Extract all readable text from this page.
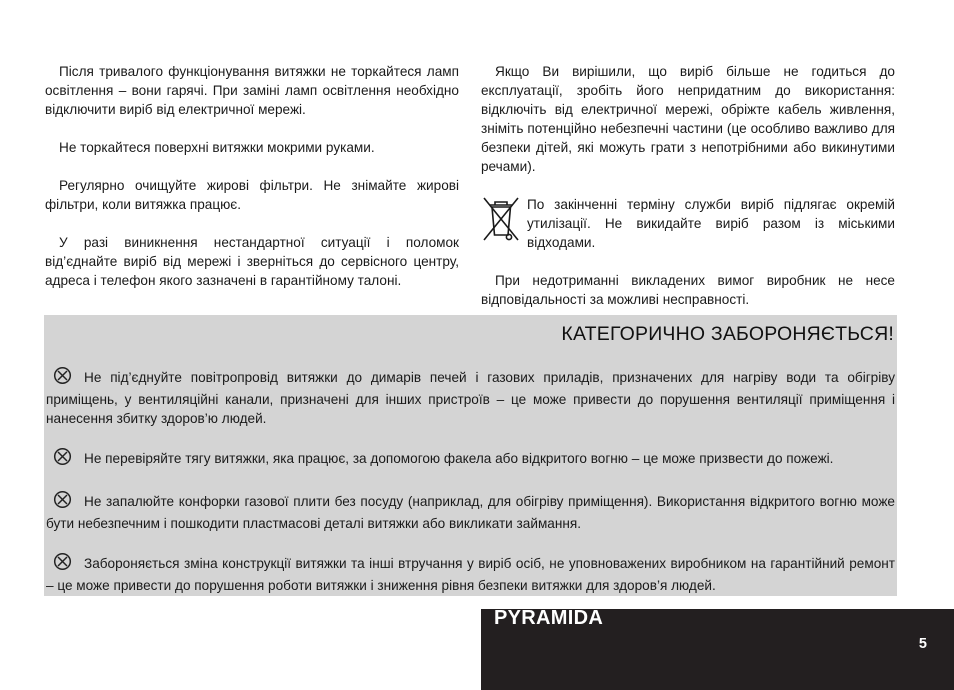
Після тривалого функціонування витяжки не торкайтеся ламп освітлення – вони гарячі. При заміні ламп освітлення необхідно відключити виріб від електричної мережі.

Не торкайтеся поверхні витяжки мокрими руками.

Регулярно очищуйте жирові фільтри. Не знімайте жирові фільтри, коли витяжка працює.

У разі виникнення нестандартної ситуації і поломок від’єднайте виріб від мережі і зверніться до сервісного центру, адреса і телефон якого зазначені в гарантійному талоні.

Якщо Ви вирішили, що виріб більше не годиться до експлуатації, зробіть його непридатним до використання: відключіть від електричної мережі, обріжте кабель живлення, зніміть потенційно небезпечні частини (це особливо важливо для безпеки дітей, які можуть грати з непотрібними або викинутими речами).

По закінченні терміну служби виріб підлягає окремій утилізації. Не викидайте виріб разом із міськими відходами.

При недотриманні викладених вимог виробник не несе відповідальності за можливі несправності.

КАТЕГОРИЧНО ЗАБОРОНЯЄТЬСЯ!
Не під’єднуйте повітропровід витяжки до димарів печей і газових приладів, призначених для нагріву води та обігріву приміщень, у вентиляційні канали, призначені для інших пристроїв – це може привести до порушення вентиляції приміщення і нанесення збитку здоров’ю людей.
Не перевіряйте тягу витяжки, яка працює, за допомогою факела або відкритого вогню – це може призвести до пожежі.
Не запалюйте конфорки газової плити без посуду (наприклад, для обігріву приміщення). Використання відкритого вогню може бути небезпечним і пошкодити пластмасові деталі витяжки або викликати займання.
Забороняється зміна конструкції витяжки та інші втручання у виріб осіб, не уповноважених виробником на гарантійний ремонт – це може привести до порушення роботи витяжки і зниження рівня безпеки витяжки для здоров’я людей.
PYRAMIDA
5
